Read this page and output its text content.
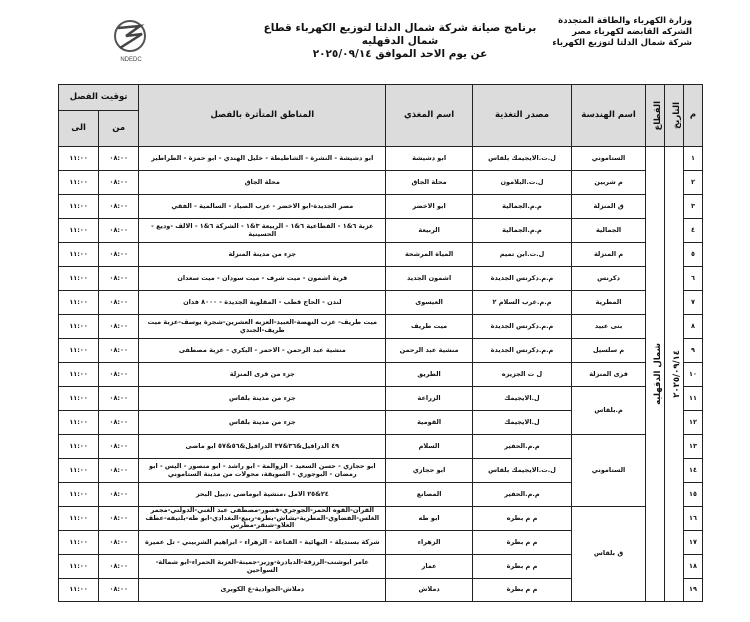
وزارة الكهرباء والطاقة المتجددة
الشركه القابضه لكهرباء مصر
شركة شمال الدلتا لتوزيع الكهرباء
برنامج صيانة شركة شمال الدلتا لتوزيع الكهرباء قطاع شمال الدقهليه
عن يوم الاحد الموافق ٢٠٢٥/٠٩/١٤
NDEDC
م	التاريخ	القطاع	اسم الهندسة	مصدر التغذية	اسم المغذي	المناطق المتأثرة بالفصل	توقيت الفصل	
							من	الى
١	٢٠٢٥/٠٩/١٤	شمال الدقهليه	الستاموني	ل.ت.الايجيمك بلقاس	ابو دشيشة	ابو دشيشة - النشرة - الشاطيطة - خليل الهندي - ابو حمزة - الطراطير	٠٨:٠٠	١١:٠٠
٢			م شربين	ل.ت.البلامون	محلة الجاق	محلة الجاق	٠٨:٠٠	١١:٠٠
٣			ق المنزلة	م.م.الجمالية	ابو الاخضر	مصر الجديدة-ابو الاخضر - عزب الصياد - السالمية - الفقي	٠٨:٠٠	١١:٠٠
٤			الجمالية	م.م.الجمالية	الربيعة	عزبة ٦&١ - القطاعية ٦&١ - الربيعة ٣&١ - الشركة ٦&١ - الالف -وديع - الحسينية	٠٨:٠٠	١١:٠٠
٥			م المنزلة	ل.ت.ابن تميم	المياة المرشحة	جزء من مدينة المنزلة	٠٨:٠٠	١١:٠٠
٦			دكرنس	م.م.دكرنس الجديدة	اشمون الجديد	قرية اشمون - ميت شرف - ميت سودان - ميت سعدان	٠٨:٠٠	١١:٠٠
٧			المطرية	م.م.غرب السلام ٢	العيسوى	لندن - الحاج قطب - المقلوبة الجديدة - ٨٠٠٠ فدان	٠٨:٠٠	١١:٠٠
٨			بنى عبيد	م.م.دكرنس الجديدة	ميت طريف	ميت طريف- عزب النهضة-العبيد-العزبه العشرين-شجرة يوسف-عزبة ميت طريف-الجندي	٠٨:٠٠	١١:٠٠
٩			م سلسيل	م.م.دكرنس الجديدة	منشية عبد الرحمن	منشية عبد الرحمن - الاحمر - البكري - عزبة مصطفى	٠٨:٠٠	١١:٠٠
١٠			قرى المنزلة	ل ت الجزيزه	الطريق	جزء من قرى المنزلة	٠٨:٠٠	١١:٠٠
١١			م.بلقاس	ل.الايجيمك	الزراعة	جزء من مدينة بلقاس	٠٨:٠٠	١١:٠٠
١٢				ل.الايجيمك	القومية	جزء من مدينة بلقاس	٠٨:٠٠	١١:٠٠
١٣			الستاموني	م.م.الحفير	السلام	٤٩ الدراقيل&٣٦&٣٧ الدراقيل&٥٦&٥٧ ابو ماضى	٠٨:٠٠	١١:٠٠
١٤				ل.ت.الايجيمك بلقاس	ابو حجازي	ابو حجازي - حسن السعيد - الزوالمة - ابو راشد - ابو منصور - اليس - ابو رمضان - البوجوري - السويقة، محولات من مدينة الستاموني	٠٨:٠٠	١١:٠٠
١٥				م.م.الحفير	المصانع	٢٤&٢٥ الامل ،منشية ابوماضى ،دبيل البحر	٠٨:٠٠	١١:٠٠
١٦			ق بلقاس	م م بطره	ابو طه	القران-القوه الحمر-الجوجري-قصور-مصطفى عبد الغني-الدولتي-مجمر الغلس-الفضاوي-المطرية-بشاش-بطره-ربيع-البغدادي-ابو طه-بلتيقه-عطف العلاو-شنقر-مطرس	٠٨:٠٠	١١:٠٠
١٧				م م بطرة	الزهراء	شركة بسنديلة - البهائية - القناعة - الزهراء - ابراهيم الشربيني - تل عميرة	٠٨:٠٠	١١:٠٠
١٨				م م بطرة	عمار	عامر ابوشنب-الرزقة-الدبادرة-وزير-جمينة-العزبة الحمراء-ابو شمالة-السواحين	٠٨:٠٠	١١:٠٠
١٩				م م بطرة	دملاش	دملاش-الجوادية-ع الكوبرى	٠٨:٠٠	١١:٠٠
